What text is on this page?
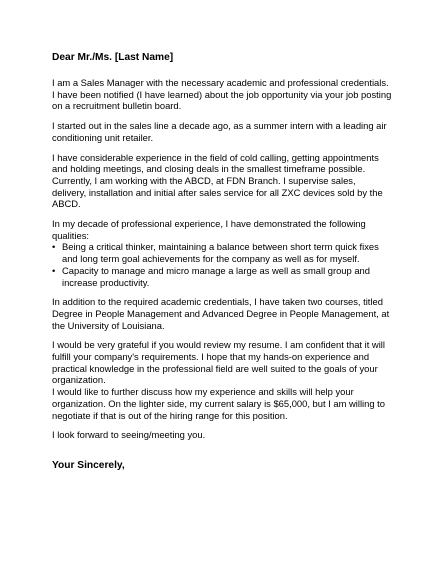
Dear Mr./Ms. [Last Name]

I am a Sales Manager with the necessary academic and professional credentials. I have been notified (I have learned) about the job opportunity via your job posting on a recruitment bulletin board.

I started out in the sales line a decade ago, as a summer intern with a leading air conditioning unit retailer.

I have considerable experience in the field of cold calling, getting appointments and holding meetings, and closing deals in the smallest timeframe possible.

Currently, I am working with the ABCD, at FDN Branch. I supervise sales, delivery, installation and initial after sales service for all ZXC devices sold by the ABCD.

In my decade of professional experience, I have demonstrated the following qualities:

• Being a critical thinker, maintaining a balance between short term quick fixes and long term goal achievements for the company as well as for myself.
• Capacity to manage and micro manage a large as well as small group and increase productivity.

In addition to the required academic credentials, I have taken two courses, titled Degree in People Management and Advanced Degree in People Management, at the University of Louisiana.

I would be very grateful if you would review my resume. I am confident that it will fulfill your company's requirements. I hope that my hands-on experience and practical knowledge in the professional field are well suited to the goals of your organization.

I would like to further discuss how my experience and skills will help your organization. On the lighter side, my current salary is $65,000, but I am willing to negotiate if that is out of the hiring range for this position.

I look forward to seeing/meeting you.

Your Sincerely,
